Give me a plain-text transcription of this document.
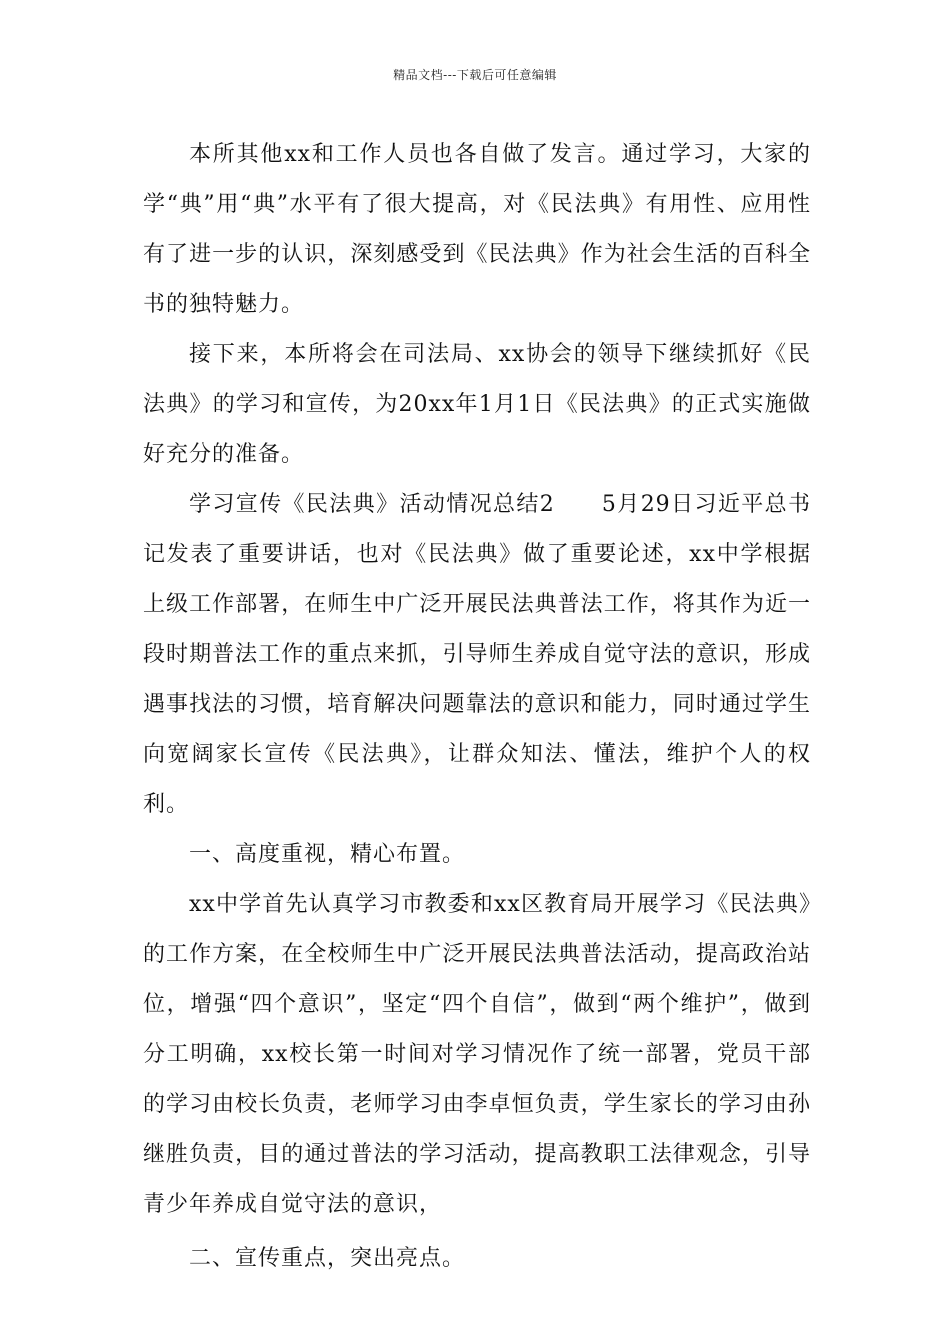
精品文档---下载后可任意编辑

本所其他xx和工作人员也各自做了发言。通过学习，大家的学“典”用“典”水平有了很大提高，对《民法典》有用性、应用性有了进一步的认识，深刻感受到《民法典》作为社会生活的百科全书的独特魅力。

接下来，本所将会在司法局、xx协会的领导下继续抓好《民法典》的学习和宣传，为20xx年1月1日《民法典》的正式实施做好充分的准备。

学习宣传《民法典》活动情况总结2　　5月29日习近平总书记发表了重要讲话，也对《民法典》做了重要论述，xx中学根据上级工作部署，在师生中广泛开展民法典普法工作，将其作为近一段时期普法工作的重点来抓，引导师生养成自觉守法的意识，形成遇事找法的习惯，培育解决问题靠法的意识和能力，同时通过学生向宽阔家长宣传《民法典》，让群众知法、懂法，维护个人的权利。

一、高度重视，精心布置。

xx中学首先认真学习市教委和xx区教育局开展学习《民法典》的工作方案，在全校师生中广泛开展民法典普法活动，提高政治站位，增强“四个意识”，坚定“四个自信”，做到“两个维护”，做到分工明确，xx校长第一时间对学习情况作了统一部署，党员干部的学习由校长负责，老师学习由李卓恒负责，学生家长的学习由孙继胜负责，目的通过普法的学习活动，提高教职工法律观念，引导青少年养成自觉守法的意识，

二、宣传重点，突出亮点。
